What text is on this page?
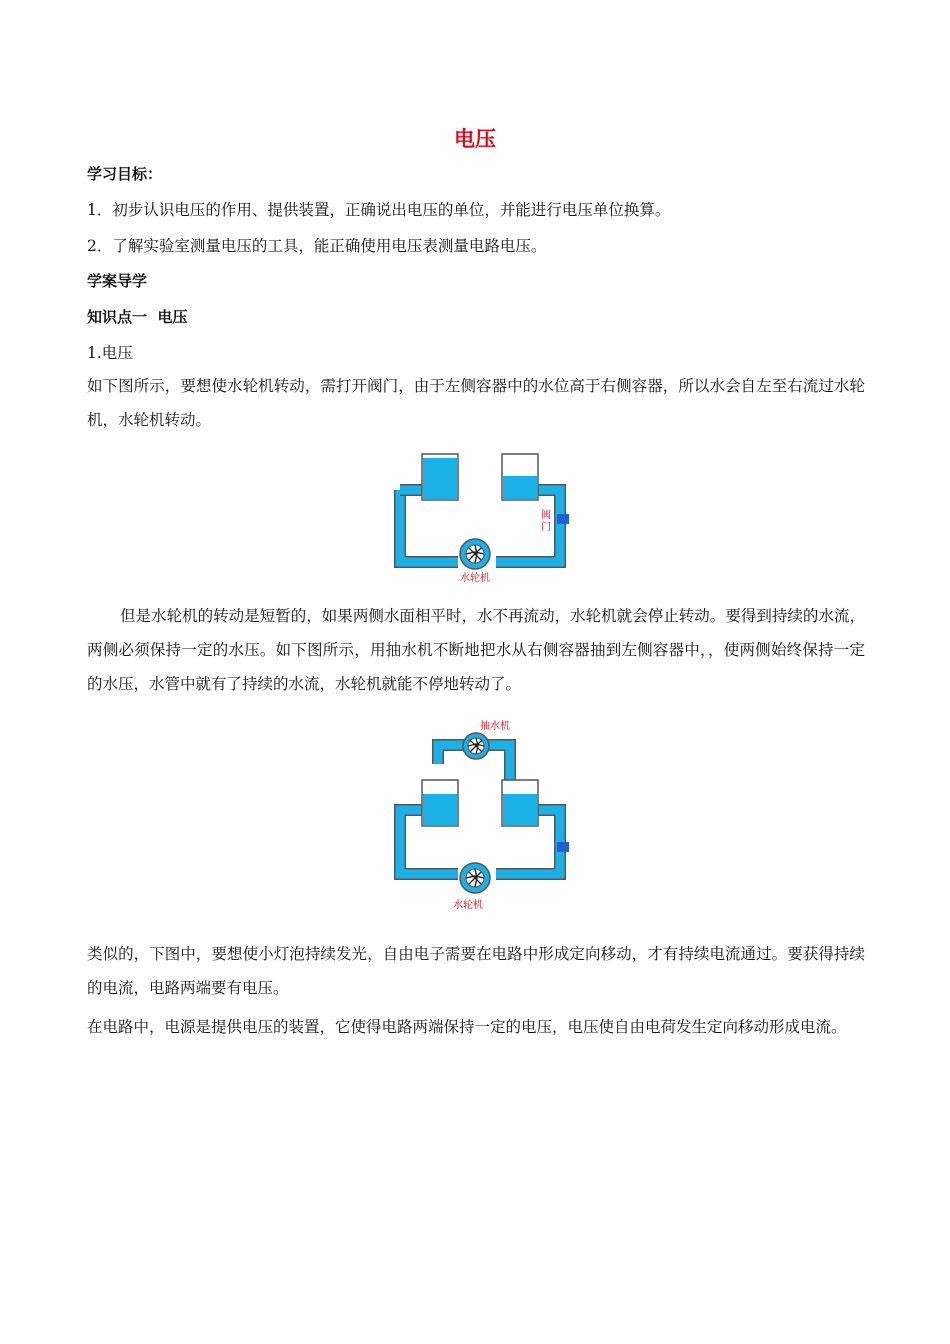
电压
学习目标：
1．初步认识电压的作用、提供装置，正确说出电压的单位，并能进行电压单位换算。
2．了解实验室测量电压的工具，能正确使用电压表测量电路电压。
学案导学
知识点一  电压
1.电压
如下图所示，要想使水轮机转动，需打开阀门，由于左侧容器中的水位高于右侧容器，所以水会自左至右流过水轮机，水轮机转动。
阀
门
水轮机
但是水轮机的转动是短暂的，如果两侧水面相平时，水不再流动，水轮机就会停止转动。要得到持续的水流，两侧必须保持一定的水压。如下图所示，用抽水机不断地把水从右侧容器抽到左侧容器中，，使两侧始终保持一定的水压，水管中就有了持续的水流，水轮机就能不停地转动了。
抽水机
水轮机
类似的，下图中，要想使小灯泡持续发光，自由电子需要在电路中形成定向移动，才有持续电流通过。要获得持续的电流，电路两端要有电压。
在电路中，电源是提供电压的装置，它使得电路两端保持一定的电压，电压使自由电荷发生定向移动形成电流。
